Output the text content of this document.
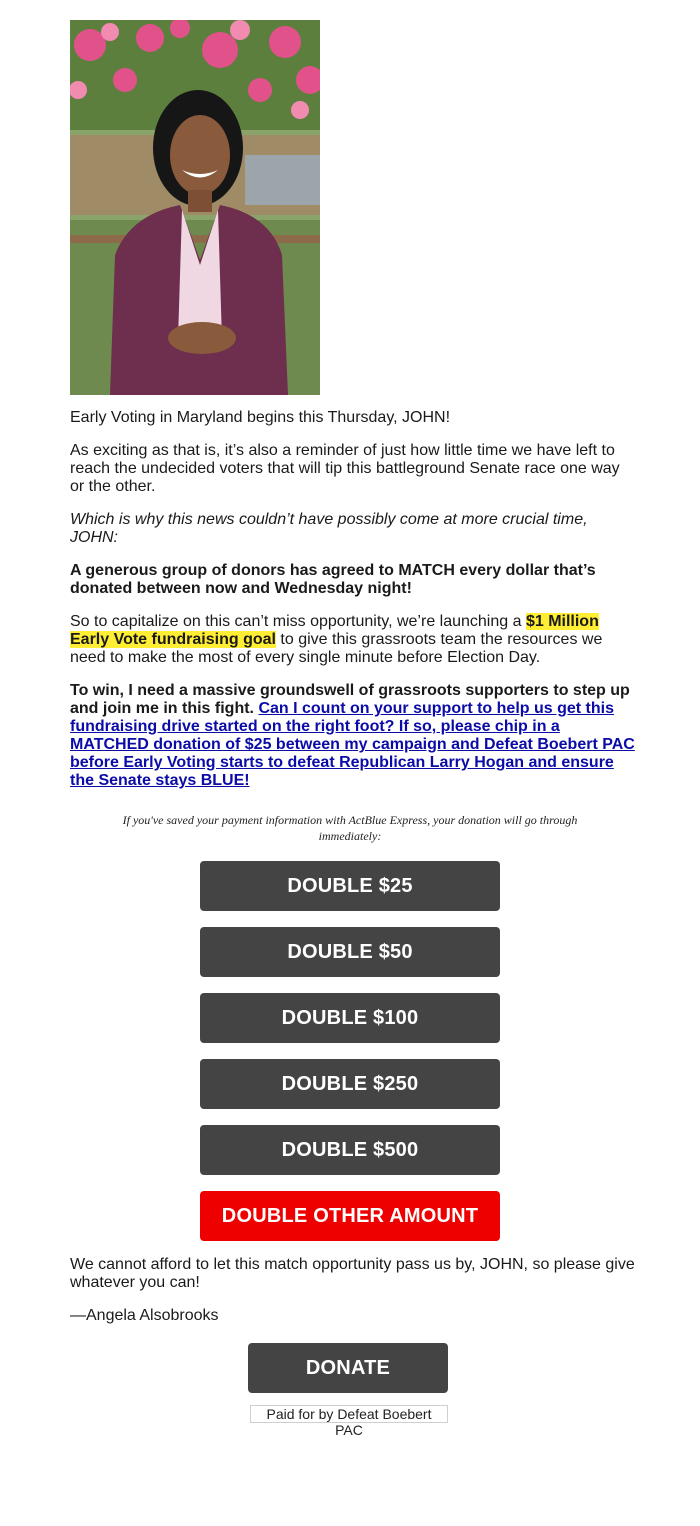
Early Voting in Maryland begins this Thursday, JOHN!

As exciting as that is, it’s also a reminder of just how little time we have left to reach the undecided voters that will tip this battleground Senate race one way or the other.

Which is why this news couldn’t have possibly come at more crucial time, JOHN:

A generous group of donors has agreed to MATCH every dollar that’s donated between now and Wednesday night!

So to capitalize on this can’t miss opportunity, we’re launching a $1 Million Early Vote fundraising goal to give this grassroots team the resources we need to make the most of every single minute before Election Day.

To win, I need a massive groundswell of grassroots supporters to step up and join me in this fight. Can I count on your support to help us get this fundraising drive started on the right foot? If so, please chip in a MATCHED donation of $25 between my campaign and Defeat Boebert PAC before Early Voting starts to defeat Republican Larry Hogan and ensure the Senate stays BLUE!

If you've saved your payment information with ActBlue Express, your donation will go through immediately:
DOUBLE $25
DOUBLE $50
DOUBLE $100
DOUBLE $250
DOUBLE $500
DOUBLE OTHER AMOUNT

We cannot afford to let this match opportunity pass us by, JOHN, so please give whatever you can!

—Angela Alsobrooks

DONATE
Paid for by Defeat Boebert PAC
